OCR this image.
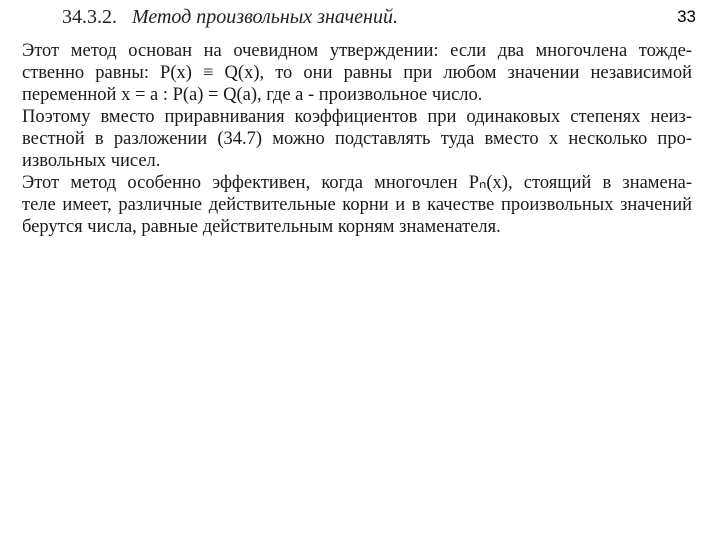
34.3.2. Метод произвольных значений.	33
Этот метод основан на очевидном утверждении: если два многочлена тожде-
ственно равны: P(x) ≡ Q(x), то они равны при любом значении независимой
переменной x = a : P(a) = Q(a), где a - произвольное число.
Поэтому вместо приравнивания коэффициентов при одинаковых степенях неиз-
вестной в разложении (34.7) можно подставлять туда вместо x несколько про-
извольных чисел.
Этот метод особенно эффективен, когда многочлен Pₙ(x), стоящий в знамена-
теле имеет, различные действительные корни и в качестве произвольных значений
берутся числа, равные действительным корням знаменателя.
